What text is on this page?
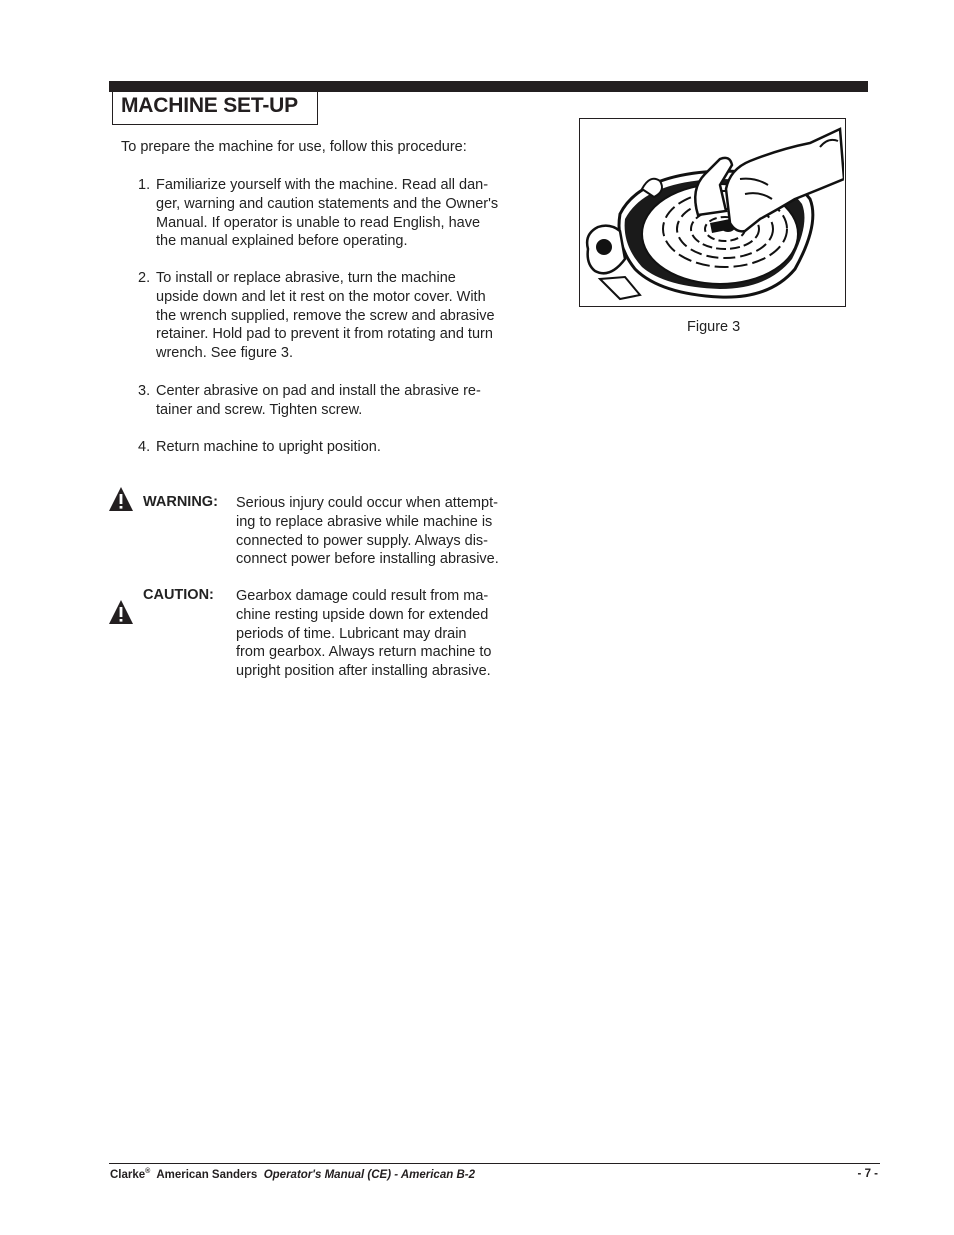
MACHINE SET-UP
To prepare the machine for use, follow this procedure:
1. Familiarize yourself with the machine. Read all dan-
ger, warning and caution statements and the Owner's
Manual. If operator is unable to read English, have
the manual explained before operating.
2. To install or replace abrasive, turn the machine
upside down and let it rest on the motor cover. With
the wrench supplied, remove the screw and abrasive
retainer. Hold pad to prevent it from rotating and turn
wrench. See figure 3.
3. Center abrasive on pad and install the abrasive re-
tainer and screw. Tighten screw.
4. Return machine to upright position.
WARNING: Serious injury could occur when attempt-
ing to replace abrasive while machine is
connected to power supply. Always dis-
connect power before installing abrasive.
CAUTION: Gearbox damage could result from ma-
chine resting upside down for extended
periods of time. Lubricant may drain
from gearbox. Always return machine to
upright position after installing abrasive.
Figure 3
Clarke® American Sanders Operator's Manual (CE) - American B-2	- 7 -
